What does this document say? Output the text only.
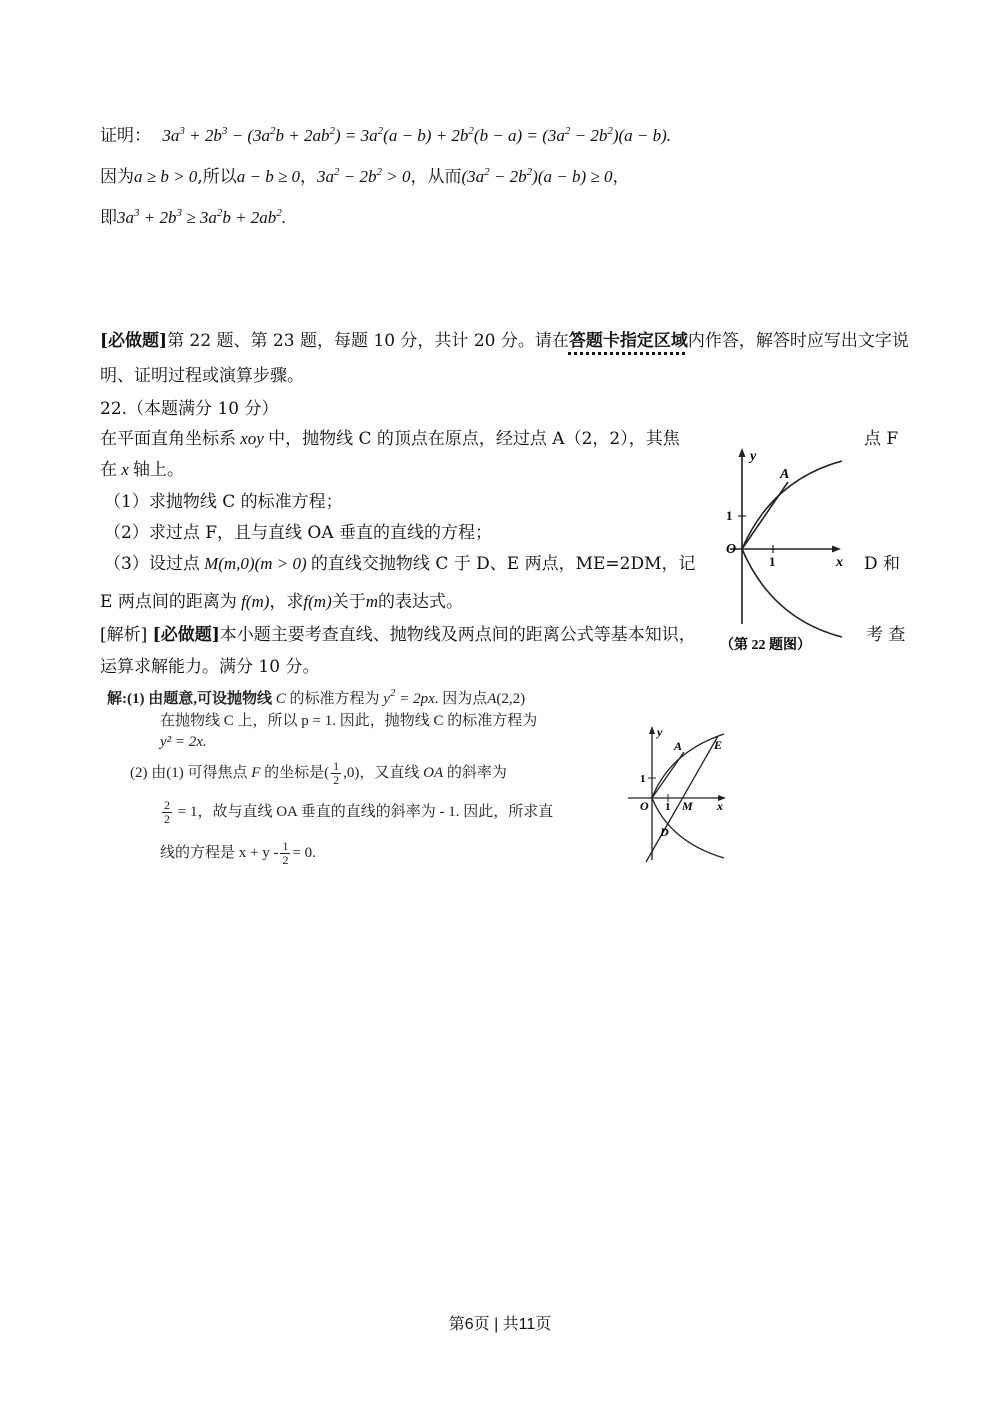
证明： $3a^3 + 2b^3 - (3a^2b + 2ab^2) = 3a^2(a - b) + 2b^2(b - a) = (3a^2 - 2b^2)(a - b)$.
因为a ≥ b > 0,所以a − b ≥ 0，$3a^2 - 2b^2 > 0$，从而$(3a^2 - 2b^2)(a - b) \ge 0$，
即$3a^3 + 2b^3 \ge 3a^2b + 2ab^2$.
[必做题]第 22 题、第 23 题，每题 10 分，共计 20 分。请在答题卡指定区域内作答，解答时应写出文字说
明、证明过程或演算步骤。
22.（本题满分 10 分）
在平面直角坐标系 xoy 中，抛物线 C 的顶点在原点，经过点 A（2，2），其焦	点 F
在 x 轴上。
（1）求抛物线 C 的标准方程；
（2）求过点 F，且与直线 OA 垂直的直线的方程；
（3）设过点 M(m,0)(m > 0) 的直线交抛物线 C 于 D、E 两点，ME=2DM，记	D 和
E 两点间的距离为 f(m)，求f(m)关于m的表达式。
[解析] [必做题]本小题主要考查直线、抛物线及两点间的距离公式等基本知识，	考 查
运算求解能力。满分 10 分。
y
x
O
1
1
A
（第 22 题图）
解:(1) 由题意,可设抛物线 C 的标准方程为 $y^2 = 2px$. 因为点A(2,2)
在抛物线 C 上，所以 p = 1. 因此，抛物线 C 的标准方程为
y² = 2x.
(2) 由(1) 可得焦点 F 的坐标是( $\frac{1}{2} ,0$)，又直线 OA 的斜率为
$\frac{2}{2} = 1$，故与直线 OA 垂直的直线的斜率为 - 1. 因此，所求直
线的方程是 $x + y - \frac{1}{2} = 0$.
y
x
O
1
1
A	E
M
D
第6页 | 共11页
